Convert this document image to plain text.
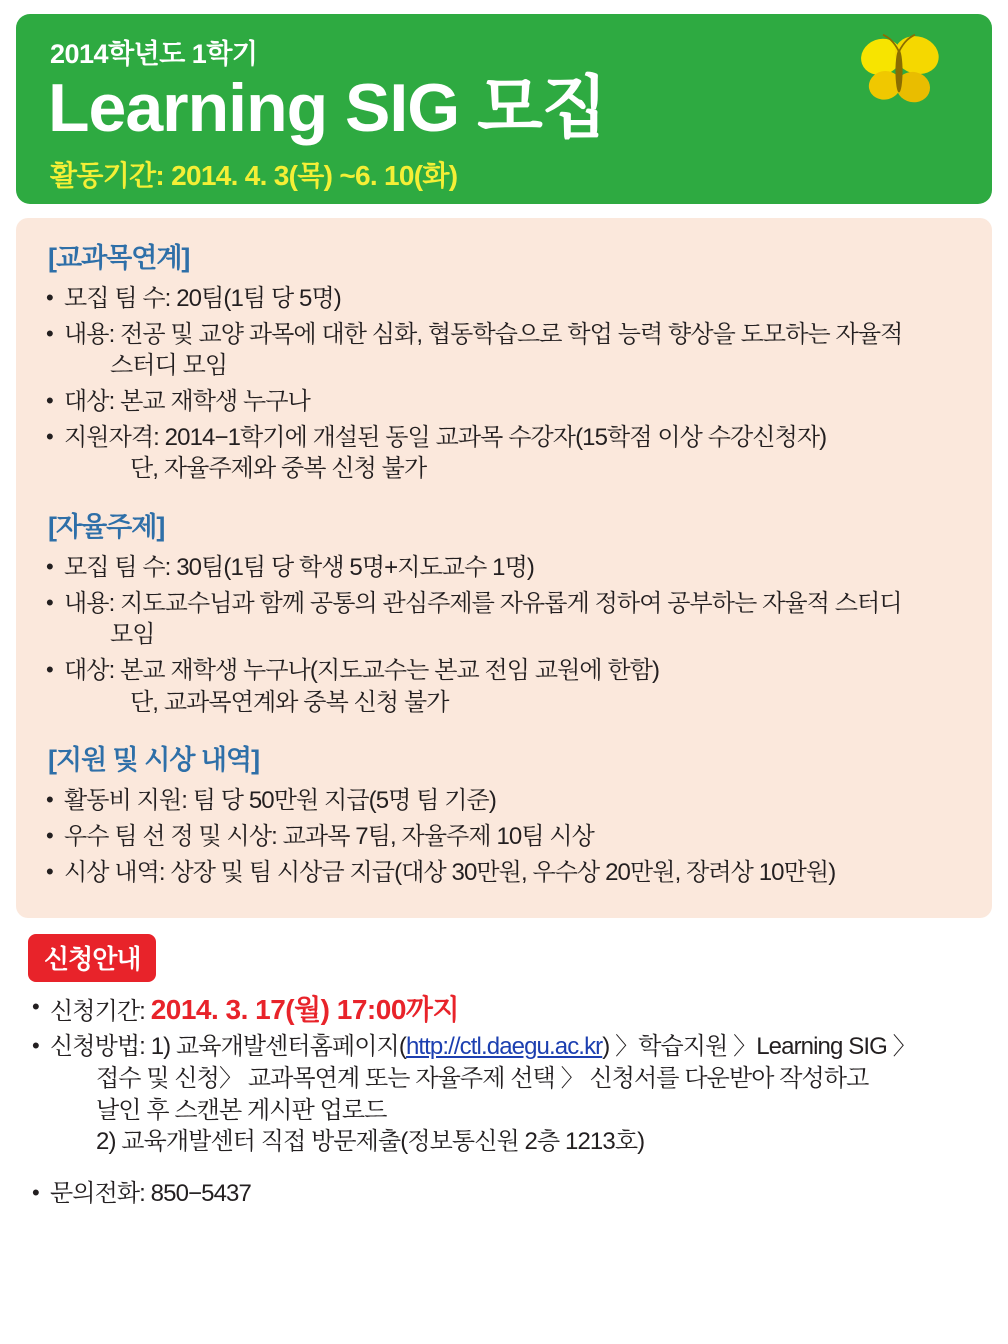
2014학년도 1학기
Learning SIG 모집
활동기간: 2014. 4. 3(목) ~6. 10(화)
[교과목연계]
• 모집 팀 수: 20팀(1팀 당 5명)
• 내용: 전공 및 교양 과목에 대한 심화, 협동학습으로 학업 능력 향상을 도모하는 자율적
스터디 모임
• 대상: 본교 재학생 누구나
• 지원자격: 2014−1학기에 개설된 동일 교과목 수강자(15학점 이상 수강신청자)
단, 자율주제와 중복 신청 불가
[자율주제]
• 모집 팀 수: 30팀(1팀 당 학생 5명+지도교수 1명)
• 내용: 지도교수님과 함께 공통의 관심주제를 자유롭게 정하여 공부하는 자율적 스터디
모임
• 대상: 본교 재학생 누구나(지도교수는 본교 전임 교원에 한함)
단, 교과목연계와 중복 신청 불가
[지원 및 시상 내역]
• 활동비 지원: 팀 당 50만원 지급(5명 팀 기준)
• 우수 팀 선 정 및 시상: 교과목 7팀, 자율주제 10팀 시상
• 시상 내역: 상장 및 팀 시상금 지급(대상 30만원, 우수상 20만원, 장려상 10만원)
신청안내
• 신청기간: 2014. 3. 17(월) 17:00까지
• 신청방법: 1) 교육개발센터홈페이지(http://ctl.daegu.ac.kr) 〉학습지원 〉Learning SIG 〉
접수 및 신청〉 교과목연계 또는 자율주제 선택 〉 신청서를 다운받아 작성하고
날인 후 스캔본 게시판 업로드
2) 교육개발센터 직접 방문제출(정보통신원 2층 1213호)
• 문의전화: 850−5437
